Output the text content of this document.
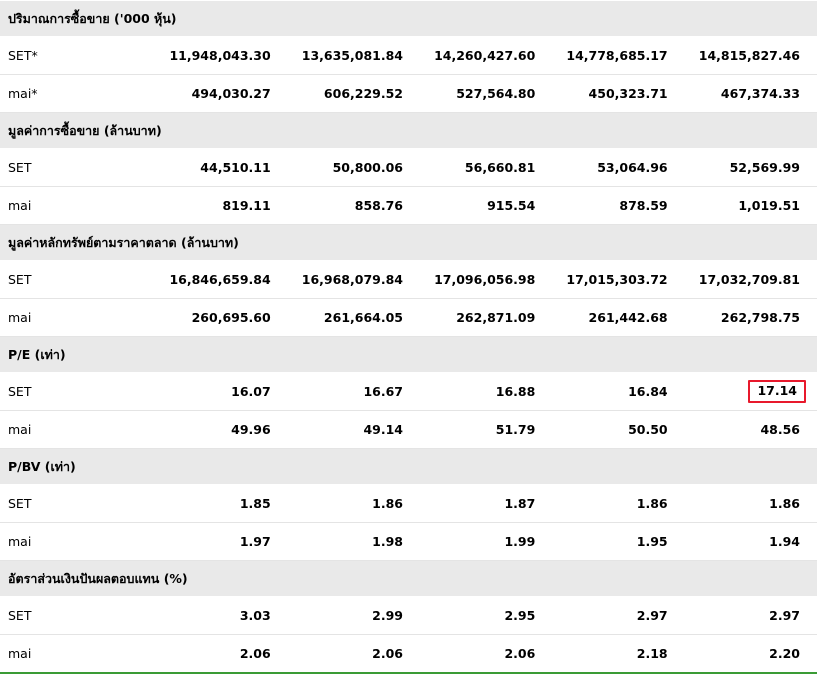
ปริมาณการซื้อขาย ('000 หุ้น)					
SET*	11,948,043.30	13,635,081.84	14,260,427.60	14,778,685.17	14,815,827.46
mai*	494,030.27	606,229.52	527,564.80	450,323.71	467,374.33
มูลค่าการซื้อขาย (ล้านบาท)					
SET	44,510.11	50,800.06	56,660.81	53,064.96	52,569.99
mai	819.11	858.76	915.54	878.59	1,019.51
มูลค่าหลักทรัพย์ตามราคาตลาด (ล้านบาท)					
SET	16,846,659.84	16,968,079.84	17,096,056.98	17,015,303.72	17,032,709.81
mai	260,695.60	261,664.05	262,871.09	261,442.68	262,798.75
P/E (เท่า)					
SET	16.07	16.67	16.88	16.84	17.14
mai	49.96	49.14	51.79	50.50	48.56
P/BV (เท่า)					
SET	1.85	1.86	1.87	1.86	1.86
mai	1.97	1.98	1.99	1.95	1.94
อัตราส่วนเงินปันผลตอบแทน (%)					
SET	3.03	2.99	2.95	2.97	2.97
mai	2.06	2.06	2.06	2.18	2.20
